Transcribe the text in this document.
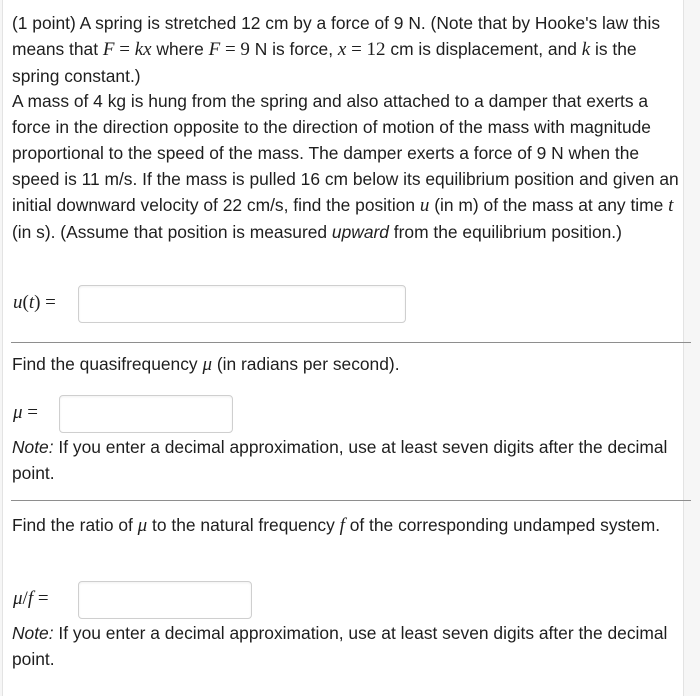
(1 point) A spring is stretched 12 cm by a force of 9 N. (Note that by Hooke's law this means that F = kx where F = 9 N is force, x = 12 cm is displacement, and k is the spring constant.)

A mass of 4 kg is hung from the spring and also attached to a damper that exerts a force in the direction opposite to the direction of motion of the mass with magnitude proportional to the speed of the mass. The damper exerts a force of 9 N when the speed is 11 m/s. If the mass is pulled 16 cm below its equilibrium position and given an initial downward velocity of 22 cm/s, find the position u (in m) of the mass at any time t (in s). (Assume that position is measured upward from the equilibrium position.)

u(t) =

Find the quasifrequency μ (in radians per second).

μ =

Note: If you enter a decimal approximation, use at least seven digits after the decimal point.

Find the ratio of μ to the natural frequency f of the corresponding undamped system.

μ/f =

Note: If you enter a decimal approximation, use at least seven digits after the decimal point.
